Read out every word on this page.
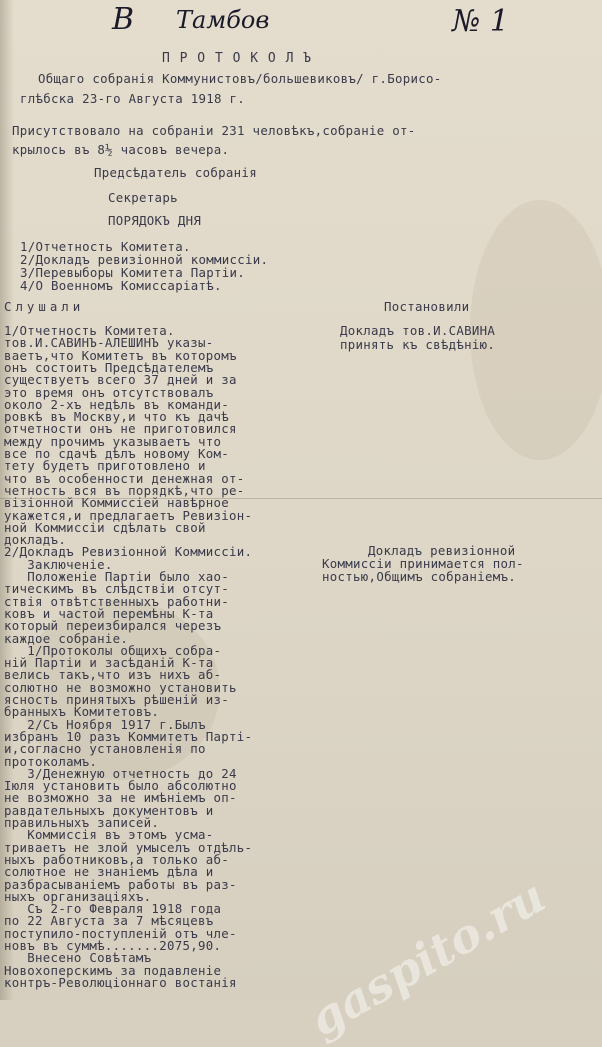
В Тамбов	№ 1
П Р О Т О К О Л Ъ
Общаго собранія Коммунистовъ/большевиковъ/ г.Борисо-
глѣбска 23-го Августа 1918 г.
Присутствовало на собраніи 231 человѣкъ,собраніе от-
крылось въ 8½ часовъ вечера.
Предсѣдатель собранія
Секретарь
ПОРЯДОКЪ ДНЯ
1/Отчетность Комитета.
2/Докладъ ревизіонной коммиссіи.
3/Перевыборы Комитета Партіи.
4/О Военномъ Комиссаріатѣ.
Слушали	Постановили
1/Отчетность Комитета.
тов.И.САВИНЪ-АЛЕШИНЪ указы-
ваетъ,что Комитетъ въ которомъ
онъ состоитъ Предсѣдателемъ
существуетъ всего 37 дней и за
это время онъ отсутствовалъ
около 2-хъ недѣль въ команди-
ровкѣ въ Москву,и что къ дачѣ
отчетности онъ не приготовился
между прочимъ указываетъ что
все по сдачѣ дѣлъ новому Ком-
тету будетъ приготовлено и
что въ особенности денежная от-
четность вся въ порядкѣ,что ре-
візіонной Коммиссіей навѣрное
укажется,и предлагаетъ Ревизіон-
ной Коммиссіи сдѣлать свой
докладъ.
2/Докладъ Ревизіонной Коммиссіи.
Заключеніе.
Положеніе Партіи было хао-
тическимъ въ слѣдствіи отсут-
ствія отвѣтственныхъ работни-
ковъ и частой перемѣны К-та
который переизбирался черезъ
каждое собраніе.
1/Протоколы общихъ собра-
ній Партіи и засѣданій К-та
велись такъ,что изъ нихъ аб-
солютно не возможно установить
ясность принятыхъ рѣшеній из-
бранныхъ Комитетовъ.
2/Съ Ноября 1917 г.Былъ
избранъ 10 разъ Коммитетъ Парті-
и,согласно установленія по
протоколамъ.
3/Денежную отчетность до 24
Іюля установить было абсолютно
не возможно за не имѣніемъ оп-
равдательныхъ документовъ и
правильныхъ записей.
Коммиссія въ этомъ усма-
триваетъ не злой умыселъ отдѣль-
ныхъ работниковъ,а только аб-
солютное не знаніемъ дѣла и
разбрасываніемъ работы въ раз-
ныхъ организаціяхъ.
Съ 2-го Февраля 1918 года
по 22 Августа за 7 мѣсяцевъ
поступило-поступленій отъ чле-
новъ въ суммѣ.......2075,90.
Внесено Совѣтамъ
Новохоперскимъ за подавленіе
контръ-Революціоннаго востанія
Докладъ тов.И.САВИНА
принять къ свѣдѣнію.
Докладъ ревизіонной
Коммиссіи принимается пол-
ностью,Общимъ собраніемъ.
gaspito.ru
